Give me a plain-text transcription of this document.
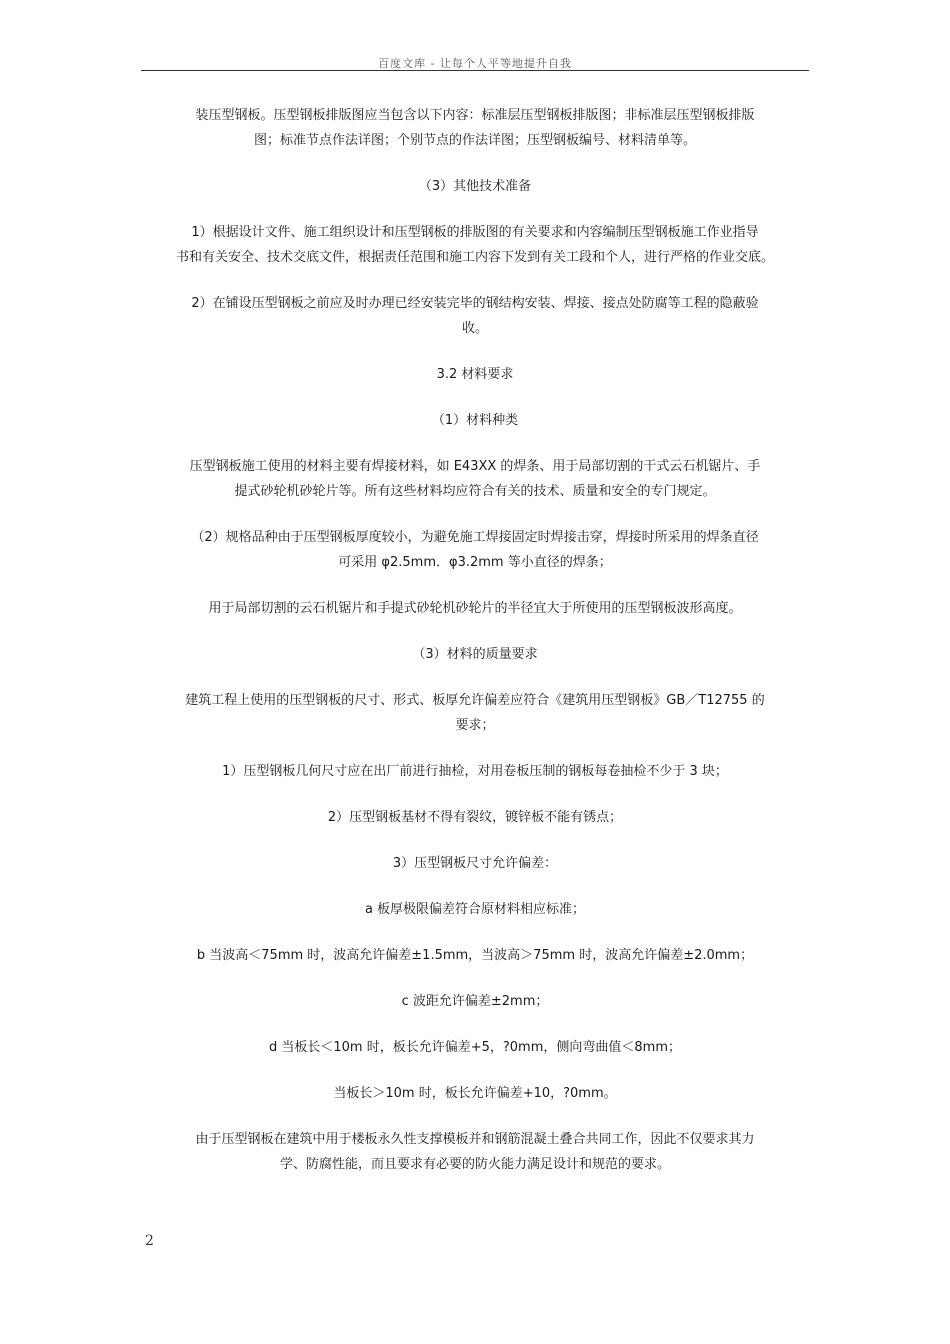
百度文库 - 让每个人平等地提升自我

装压型钢板。压型钢板排版图应当包含以下内容：标准层压型钢板排版图；非标准层压型钢板排版
图；标准节点作法详图；个别节点的作法详图；压型钢板编号、材料清单等。

（3）其他技术准备

1）根据设计文件、施工组织设计和压型钢板的排版图的有关要求和内容编制压型钢板施工作业指导
书和有关安全、技术交底文件，根据责任范围和施工内容下发到有关工段和个人，进行严格的作业交底。

2）在铺设压型钢板之前应及时办理已经安装完毕的钢结构安装、焊接、接点处防腐等工程的隐蔽验
收。

3.2 材料要求

（1）材料种类

压型钢板施工使用的材料主要有焊接材料，如 E43XX 的焊条、用于局部切割的干式云石机锯片、手
提式砂轮机砂轮片等。所有这些材料均应符合有关的技术、质量和安全的专门规定。

（2）规格品种由于压型钢板厚度较小，为避免施工焊接固定时焊接击穿，焊接时所采用的焊条直径
可采用 φ2.5mm．φ3.2mm 等小直径的焊条；

用于局部切割的云石机锯片和手提式砂轮机砂轮片的半径宜大于所使用的压型钢板波形高度。

（3）材料的质量要求

建筑工程上使用的压型钢板的尺寸、形式、板厚允许偏差应符合《建筑用压型钢板》GB／T12755 的
要求；

1）压型钢板几何尺寸应在出厂前进行抽检，对用卷板压制的钢板每卷抽检不少于 3 块；

2）压型钢板基材不得有裂纹，镀锌板不能有锈点；

3）压型钢板尺寸允许偏差：

a 板厚极限偏差符合原材料相应标准；

b 当波高＜75mm 时，波高允许偏差±1.5mm，当波高＞75mm 时，波高允许偏差±2.0mm；

c 波距允许偏差±2mm；

d 当板长＜10m 时，板长允许偏差+5，?0mm，侧向弯曲值＜8mm；

当板长＞10m 时，板长允许偏差+10，?0mm。

由于压型钢板在建筑中用于楼板永久性支撑模板并和钢筋混凝土叠合共同工作，因此不仅要求其力
学、防腐性能，而且要求有必要的防火能力满足设计和规范的要求。

2
